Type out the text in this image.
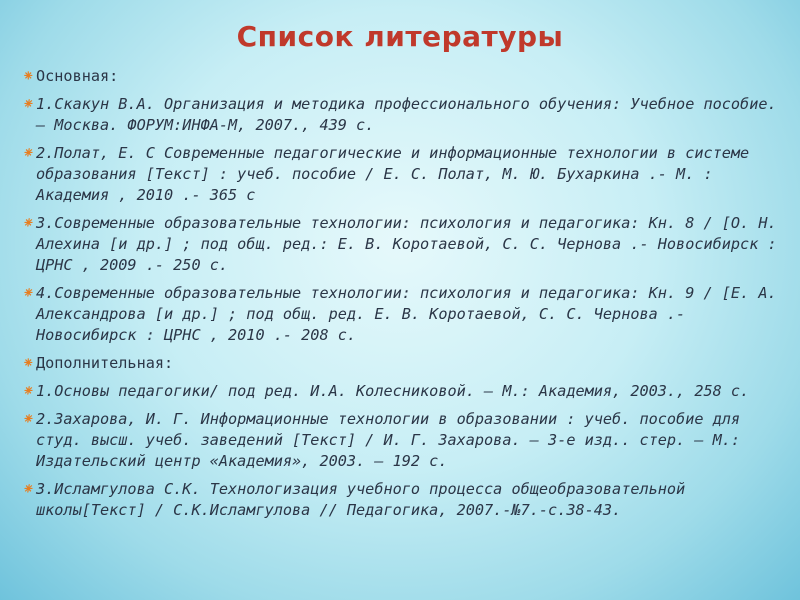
Список литературы
⁕ Основная:
⁕ 1.Скакун В.А. Организация и методика профессионального обучения: Учебное пособие. – Москва. ФОРУМ:ИНФА-М, 2007., 439 с.
⁕ 2.Полат, Е. С Современные педагогические и информационные технологии в системе образования [Текст] : учеб. пособие / Е. С. Полат, М. Ю. Бухаркина .- М. : Академия , 2010 .- 365 с
⁕ 3.Современные образовательные технологии: психология и педагогика: Кн. 8 / [О. Н. Алехина [и др.] ; под общ. ред.: Е. В. Коротаевой, С. С. Чернова .- Новосибирск : ЦРНС , 2009 .- 250 с.
⁕ 4.Современные образовательные технологии: психология и педагогика: Кн. 9 / [Е. А. Александрова [и др.] ; под общ. ред. Е. В. Коротаевой, С. С. Чернова .- Новосибирск : ЦРНС , 2010 .- 208 с.
⁕ Дополнительная:
⁕ 1.Основы педагогики/ под ред. И.А. Колесниковой. – М.: Академия, 2003., 258 с.
⁕ 2.Захарова, И. Г. Информационные технологии в образовании : учеб. пособие для студ. высш. учеб. заведений [Текст] / И. Г. Захарова. – 3-е изд.. стер. – М.: Издательский центр «Академия», 2003. – 192 с.
⁕ 3.Исламгулова С.К. Технологизация учебного процесса общеобразовательной школы[Текст] / С.К.Исламгулова // Педагогика, 2007.-№7.-с.38-43.
